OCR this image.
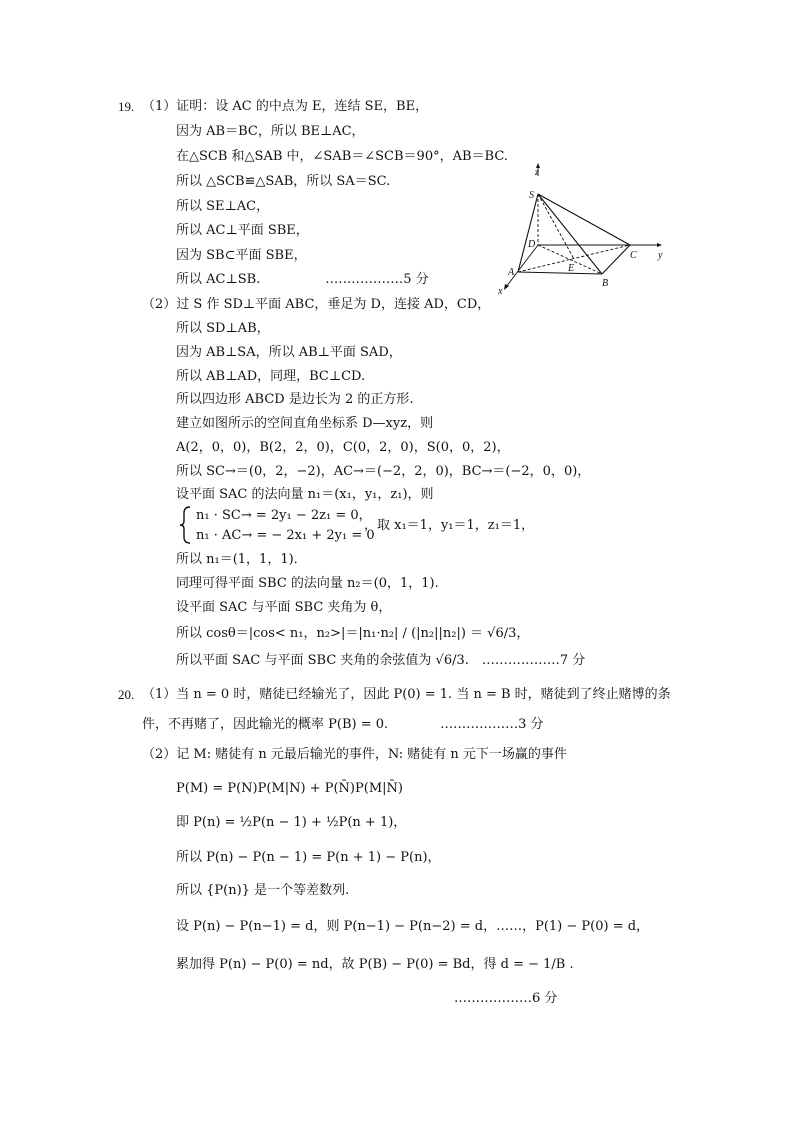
19. （1）证明：设 AC 的中点为 E，连结 SE，BE，
因为 AB＝BC，所以 BE⊥AC，
在△SCB 和△SAB 中，∠SAB＝∠SCB＝90°，AB＝BC.
所以 △SCB≌△SAB，所以 SA＝SC.
所以 SE⊥AC，
所以 AC⊥平面 SBE，
因为 SB⊂平面 SBE，
所以 AC⊥SB.　　　　　………………5 分
（2）过 S 作 SD⊥平面 ABC，垂足为 D，连接 AD，CD，
所以 SD⊥AB，
因为 AB⊥SA，所以 AB⊥平面 SAD，
所以 AB⊥AD，同理，BC⊥CD.
所以四边形 ABCD 是边长为 2 的正方形.
建立如图所示的空间直角坐标系 D—xyz，则
A(2，0，0)，B(2，2，0)，C(0，2，0)，S(0，0，2)，
所以 SC→＝(0，2，−2)，AC→＝(−2，2，0)，BC→＝(−2，0，0)，
设平面 SAC 的法向量 n₁＝(x₁，y₁，z₁)，则
n₁ · SC→ = 2y₁ − 2z₁ = 0，
n₁ · AC→ = − 2x₁ + 2y₁ = 0
，取 x₁＝1，y₁＝1，z₁＝1，
所以 n₁＝(1，1，1)．
同理可得平面 SBC 的法向量 n₂＝(0，1，1).
设平面 SAC 与平面 SBC 夹角为 θ，
所以 cosθ＝|cos< n₁，n₂>|＝|n₁·n₂| / (|n₂||n₂|) ＝ √6/3，
所以平面 SAC 与平面 SBC 夹角的余弦值为 √6/3.　………………7 分
z
S
D
C y
A	E
B
x
20. （1）当 n = 0 时，赌徒已经输光了，因此 P(0) = 1. 当 n = B 时，赌徒到了终止赌博的条
件，不再赌了，因此输光的概率 P(B) = 0.　　　　………………3 分
（2）记 M: 赌徒有 n 元最后输光的事件，N: 赌徒有 n 元下一场赢的事件
P(M) = P(N)P(M|N) + P(N̄)P(M|N̄)
即 P(n) = ½P(n − 1) + ½P(n + 1)，
所以 P(n) − P(n − 1) = P(n + 1) − P(n)，
所以 {P(n)} 是一个等差数列.
设 P(n) − P(n−1) = d，则 P(n−1) − P(n−2) = d，……，P(1) − P(0) = d，
累加得 P(n) − P(0) = nd，故 P(B) − P(0) = Bd，得 d = − 1/B .
………………6 分
